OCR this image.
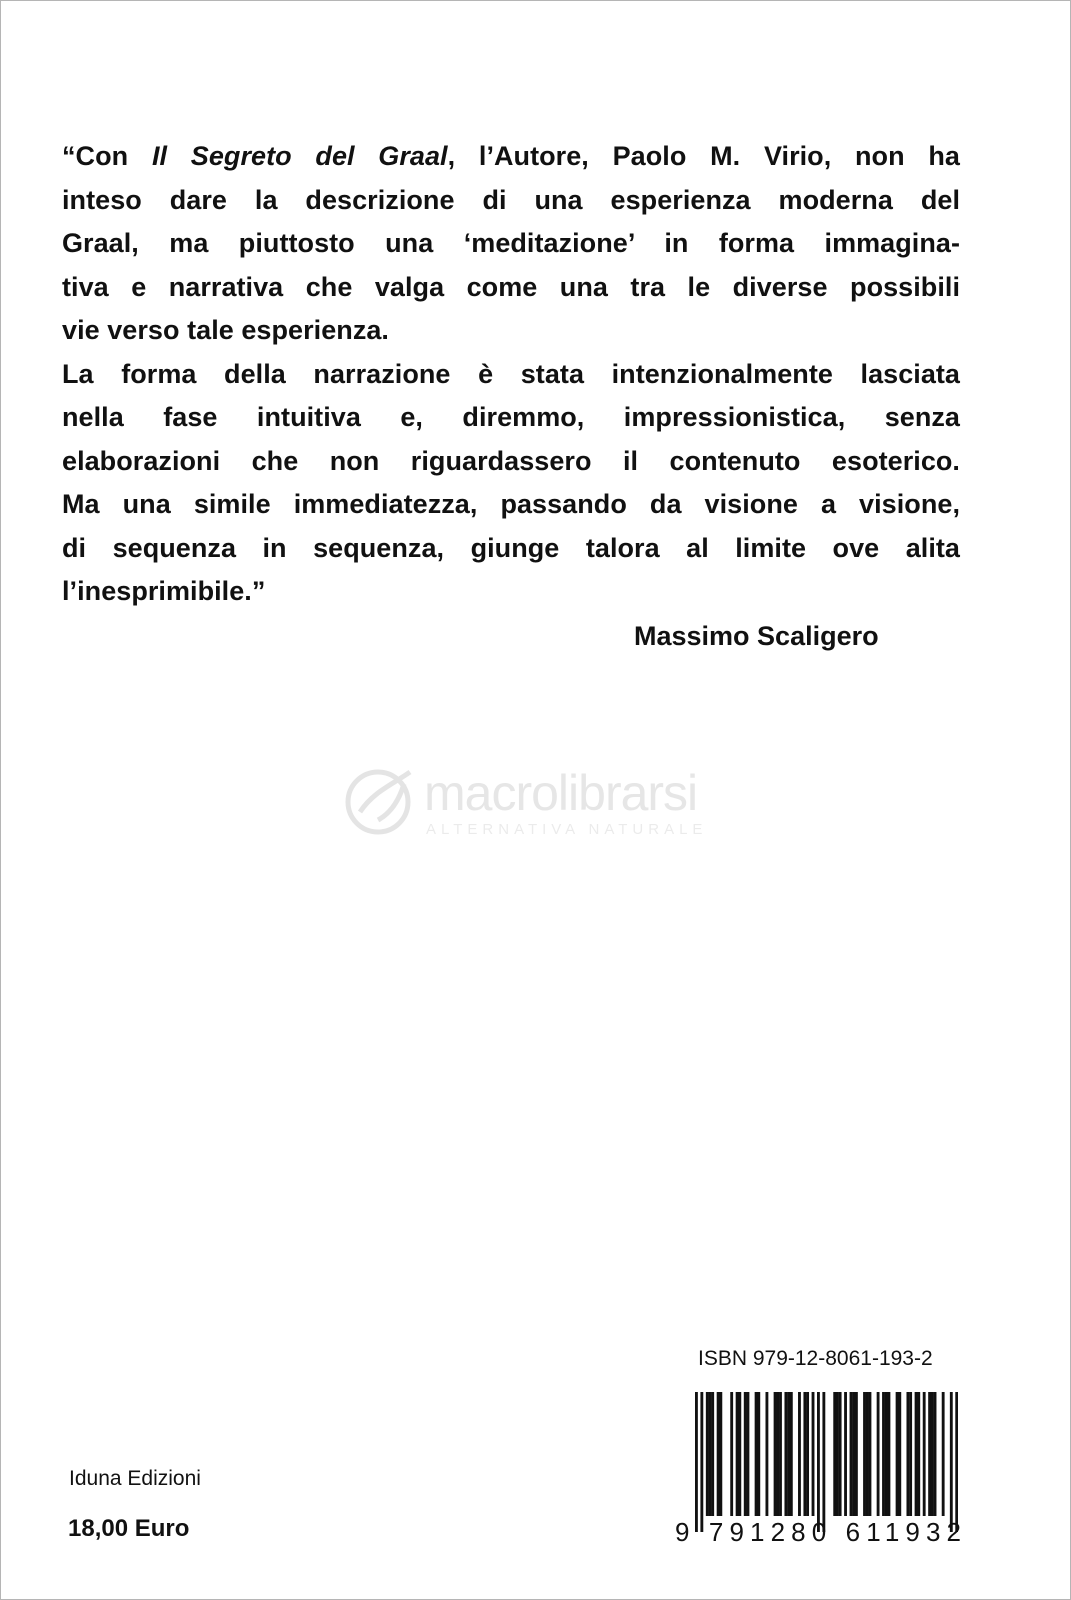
“Con Il Segreto del Graal, l’Autore, Paolo M. Virio, non ha
inteso dare la descrizione di una esperienza moderna del
Graal, ma piuttosto una ‘meditazione’ in forma immagina-
tiva e narrativa che valga come una tra le diverse possibili
vie verso tale esperienza.
La forma della narrazione è stata intenzionalmente lasciata
nella fase intuitiva e, diremmo, impressionistica, senza
elaborazioni che non riguardassero il contenuto esoterico.
Ma una simile immediatezza, passando da visione a visione,
di sequenza in sequenza, giunge talora al limite ove alita
l’inesprimibile.”
Massimo Scaligero
macrolibrarsi
ALTERNATIVA NATURALE
ISBN 979-12-8061-193-2
9 791280 611932
Iduna Edizioni
18,00 Euro
